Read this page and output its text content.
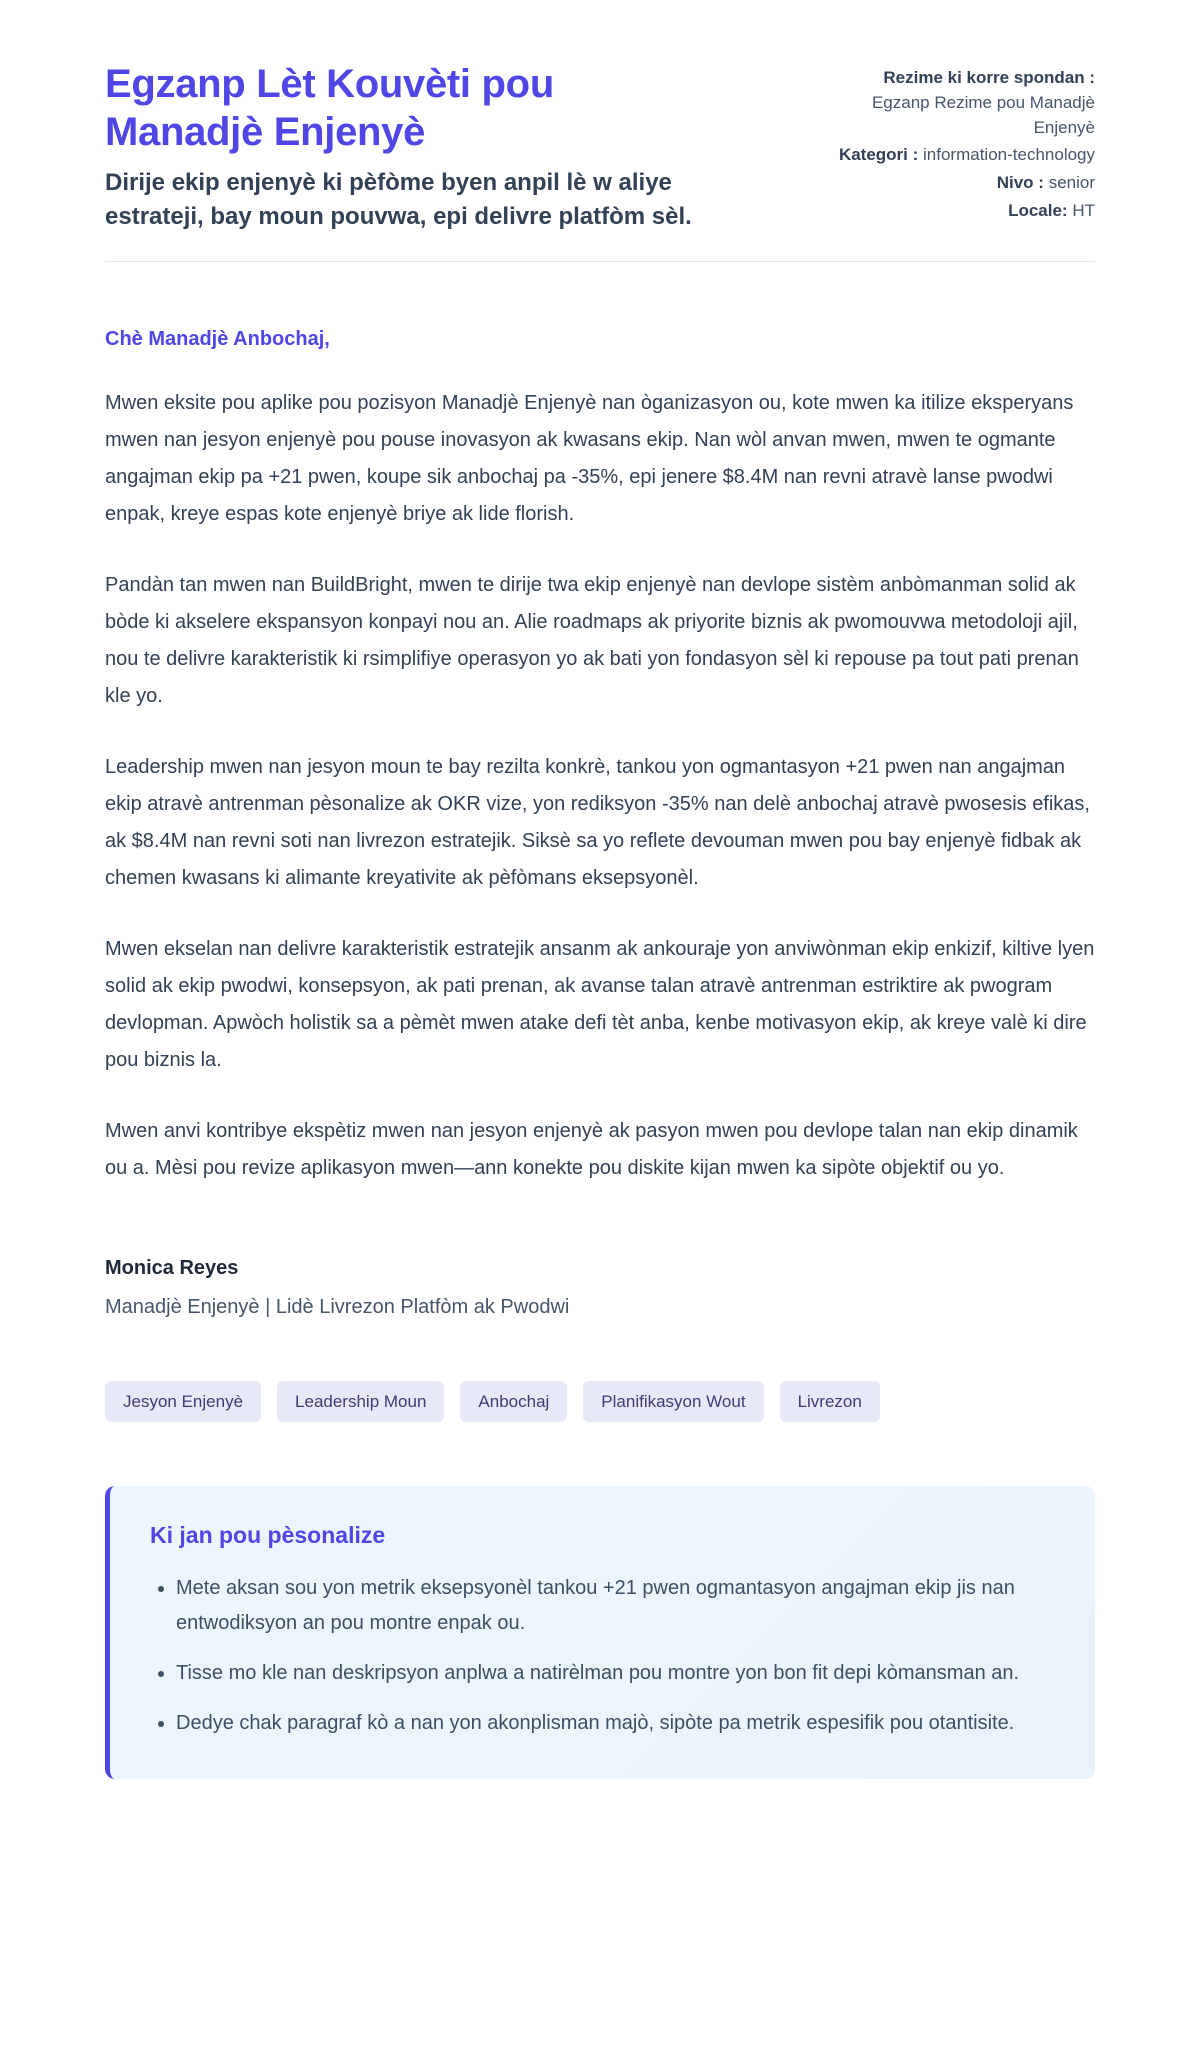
Egzanp Lèt Kouvèti pou Manadjè Enjenyè
Dirije ekip enjenyè ki pèfòme byen anpil lè w aliye estrateji, bay moun pouvwa, epi delivre platfòm sèl.
Rezime ki korre spondan : Egzanp Rezime pou Manadjè Enjenyè
Kategori : information-technology
Nivo : senior
Locale: HT
Chè Manadjè Anbochaj,

Mwen eksite pou aplike pou pozisyon Manadjè Enjenyè nan òganizasyon ou, kote mwen ka itilize eksperyans mwen nan jesyon enjenyè pou pouse inovasyon ak kwasans ekip. Nan wòl anvan mwen, mwen te ogmante angajman ekip pa +21 pwen, koupe sik anbochaj pa -35%, epi jenere $8.4M nan revni atravè lanse pwodwi enpak, kreye espas kote enjenyè briye ak lide florish.

Pandàn tan mwen nan BuildBright, mwen te dirije twa ekip enjenyè nan devlope sistèm anbòmanman solid ak bòde ki akselere ekspansyon konpayi nou an. Alie roadmaps ak priyorite biznis ak pwomouvwa metodoloji ajil, nou te delivre karakteristik ki rsimplifiye operasyon yo ak bati yon fondasyon sèl ki repouse pa tout pati prenan kle yo.

Leadership mwen nan jesyon moun te bay rezilta konkrè, tankou yon ogmantasyon +21 pwen nan angajman ekip atravè antrenman pèsonalize ak OKR vize, yon rediksyon -35% nan delè anbochaj atravè pwosesis efikas, ak $8.4M nan revni soti nan livrezon estratejik. Siksè sa yo reflete devouman mwen pou bay enjenyè fidbak ak chemen kwasans ki alimante kreyativite ak pèfòmans eksepsyonèl.

Mwen ekselan nan delivre karakteristik estratejik ansanm ak ankouraje yon anviwònman ekip enkizif, kiltive lyen solid ak ekip pwodwi, konsepsyon, ak pati prenan, ak avanse talan atravè antrenman estriktire ak pwogram devlopman. Apwòch holistik sa a pèmèt mwen atake defi tèt anba, kenbe motivasyon ekip, ak kreye valè ki dire pou biznis la.

Mwen anvi kontribye ekspètiz mwen nan jesyon enjenyè ak pasyon mwen pou devlope talan nan ekip dinamik ou a. Mèsi pou revize aplikasyon mwen—ann konekte pou diskite kijan mwen ka sipòte objektif ou yo.

Monica Reyes
Manadjè Enjenyè | Lidè Livrezon Platfòm ak Pwodwi
Jesyon Enjenyè	Leadership Moun	Anbochaj	Planifikasyon Wout	Livrezon
Ki jan pou pèsonalize
• Mete aksan sou yon metrik eksepsyonèl tankou +21 pwen ogmantasyon angajman ekip jis nan entwodiksyon an pou montre enpak ou.
• Tisse mo kle nan deskripsyon anplwa a natirèlman pou montre yon bon fit depi kòmansman an.
• Dedye chak paragraf kò a nan yon akonplisman majò, sipòte pa metrik espesifik pou otantisite.
